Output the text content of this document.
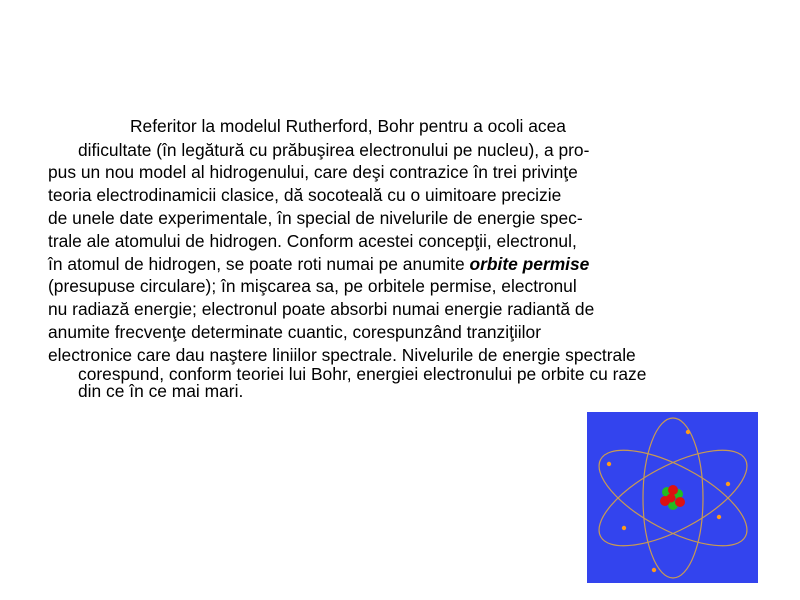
Referitor la modelul Rutherford, Bohr pentru a ocoli acea
dificultate (în legătură cu prăbuşirea electronului pe nucleu), a pro-
pus un nou model al hidrogenului, care deşi contrazice în trei privinţe
teoria electrodinamicii clasice, dă socoteală cu o uimitoare precizie
de unele date experimentale, în special de nivelurile de energie spec-
trale ale atomului de hidrogen. Conform acestei concepţii, electronul,
în atomul de hidrogen, se poate roti numai pe anumite orbite permise
(presupuse circulare); în mişcarea sa, pe orbitele permise, electronul
nu radiază energie; electronul poate absorbi numai energie radiantă de
anumite frecvenţe determinate cuantic, corespunzând tranziţiilor
electronice care dau naştere liniilor spectrale. Nivelurile de energie spectrale
corespund, conform teoriei lui Bohr, energiei electronului pe orbite cu raze
din ce în ce mai mari.
